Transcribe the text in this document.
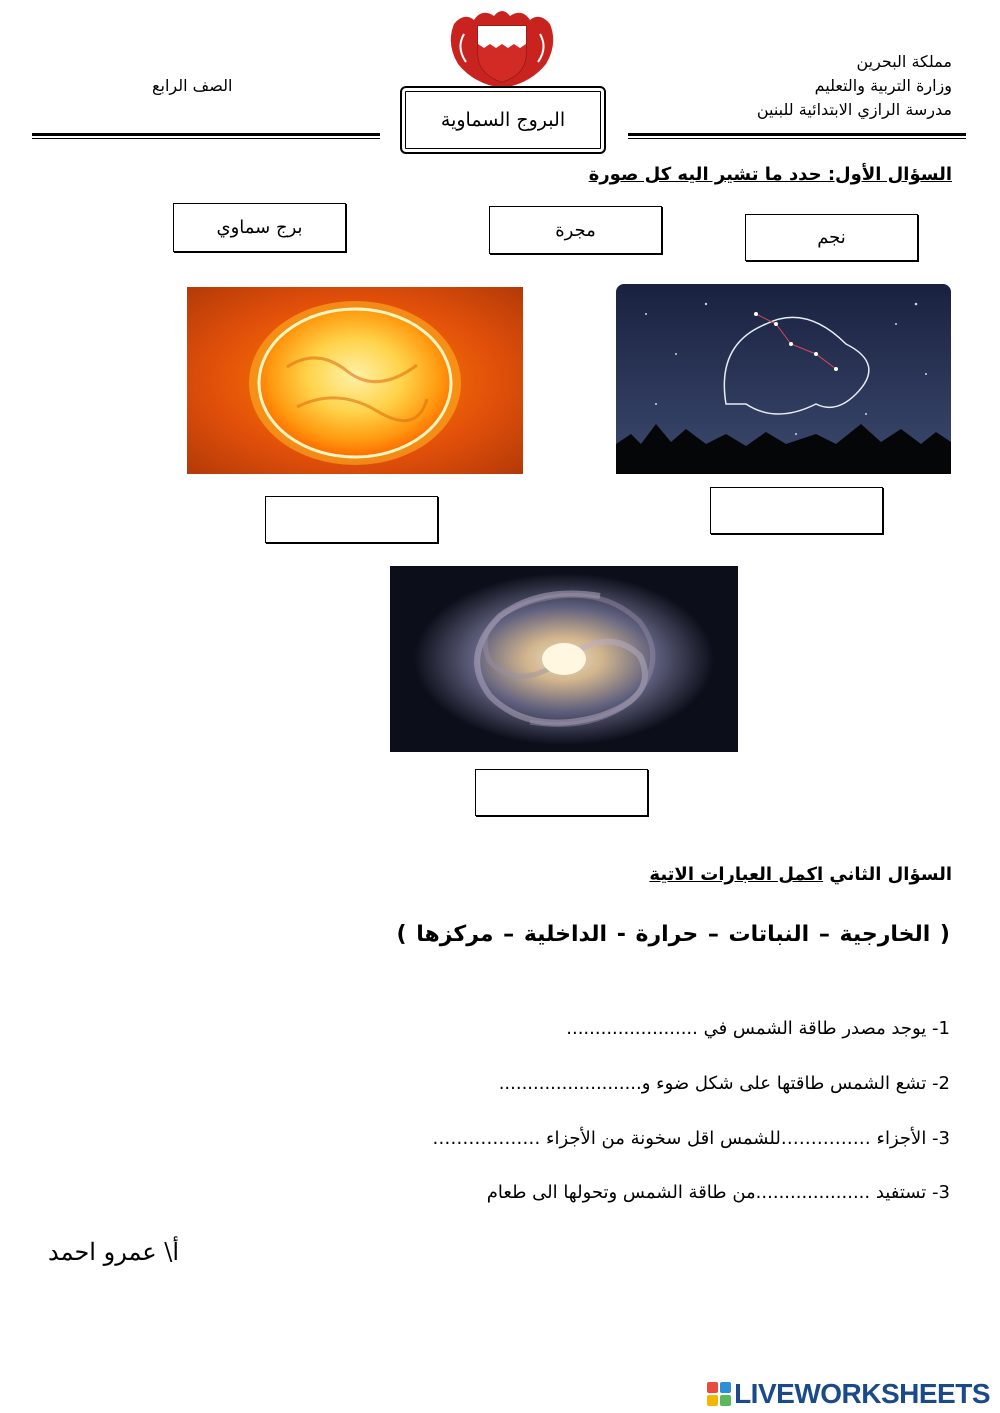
مملكة البحرين
وزارة التربية والتعليم
مدرسة الرازي الابتدائية للبنين
الصف الرابع
البروج السماوية
السؤال الأول: حدد ما تشير اليه كل صورة
برج سماوي	مجرة	نجم
السؤال الثاني اكمل العبارات الاتية
( الخارجية – النباتات – حرارة - الداخلية – مركزها )
1- يوجد مصدر طاقة الشمس في .......................
2- تشع الشمس طاقتها على شكل ضوء و.........................
3- الأجزاء ……………للشمس اقل سخونة من الأجزاء ………………
3- تستفيد ....................من طاقة الشمس وتحولها الى طعام
أ\ عمرو احمد
LIVEWORKSHEETS
